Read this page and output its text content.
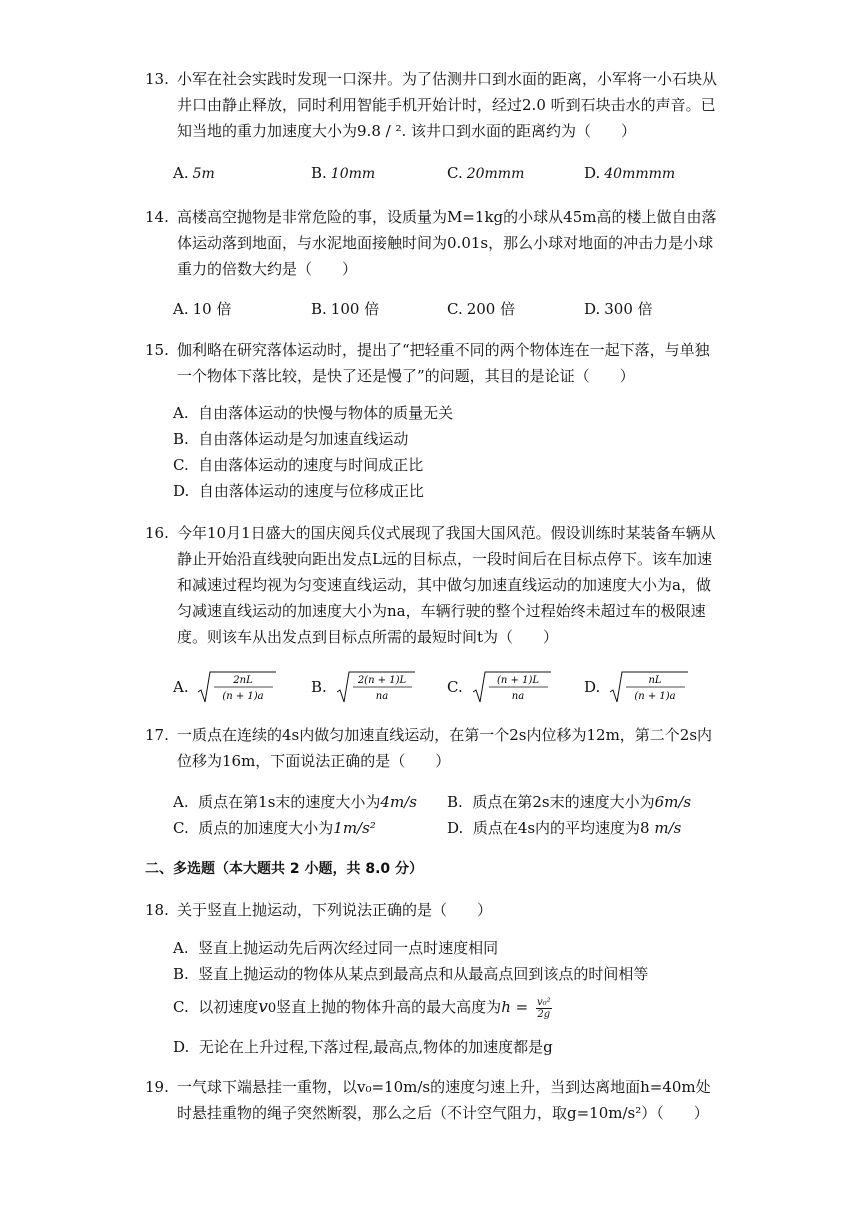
13. 小军在社会实践时发现一口深井。为了估测井口到水面的距离，小军将一小石块从井口由静止释放，同时利用智能手机开始计时，经过2.0 听到石块击水的声音。已知当地的重力加速度大小为9.8 / ². 该井口到水面的距离约为（　　）
A. 5m	B. 10mm	C. 20mmm	D. 40mmmm
14. 高楼高空抛物是非常危险的事，设质量为M=1kg的小球从45m高的楼上做自由落体运动落到地面，与水泥地面接触时间为0.01s，那么小球对地面的冲击力是小球重力的倍数大约是（　　）
A. 10 倍	B. 100 倍	C. 200 倍	D. 300 倍
15. 伽利略在研究落体运动时，提出了“把轻重不同的两个物体连在一起下落，与单独一个物体下落比较，是快了还是慢了”的问题，其目的是论证（　　）
A. 自由落体运动的快慢与物体的质量无关
B. 自由落体运动是匀加速直线运动
C. 自由落体运动的速度与时间成正比
D. 自由落体运动的速度与位移成正比
16. 今年10月1日盛大的国庆阅兵仪式展现了我国大国风范。假设训练时某装备车辆从静止开始沿直线驶向距出发点L远的目标点，一段时间后在目标点停下。该车加速和减速过程均视为匀变速直线运动，其中做匀加速直线运动的加速度大小为a，做匀减速直线运动的加速度大小为na，车辆行驶的整个过程始终未超过车的极限速度。则该车从出发点到目标点所需的最短时间t为（　　）
A.	2nL
(n + 1)a
B.	2(n + 1)L
na
C.	(n + 1)L
na
D.	nL
(n + 1)a
17. 一质点在连续的4s内做匀加速直线运动，在第一个2s内位移为12m，第二个2s内位移为16m，下面说法正确的是（　　）
A. 质点在第1s末的速度大小为4m/s B. 质点在第2s末的速度大小为6m/s
C. 质点的加速度大小为1m/s²	D. 质点在4s内的平均速度为8 m/s
二、多选题（本大题共 2 小题，共 8.0 分）
18. 关于竖直上抛运动，下列说法正确的是（　　）
A. 竖直上抛运动先后两次经过同一点时速度相同
B. 竖直上抛运动的物体从某点到最高点和从最高点回到该点的时间相等
C. 以初速度v0竖直上抛的物体升高的最大高度为$h = \frac{\text{v₀²}}{2g}$
D. 无论在上升过程,下落过程,最高点,物体的加速度都是g
19. 一气球下端悬挂一重物，以v₀=10m/s的速度匀速上升，当到达离地面h=40m处时悬挂重物的绳子突然断裂，那么之后（不计空气阻力，取g=10m/s²）（　　）
